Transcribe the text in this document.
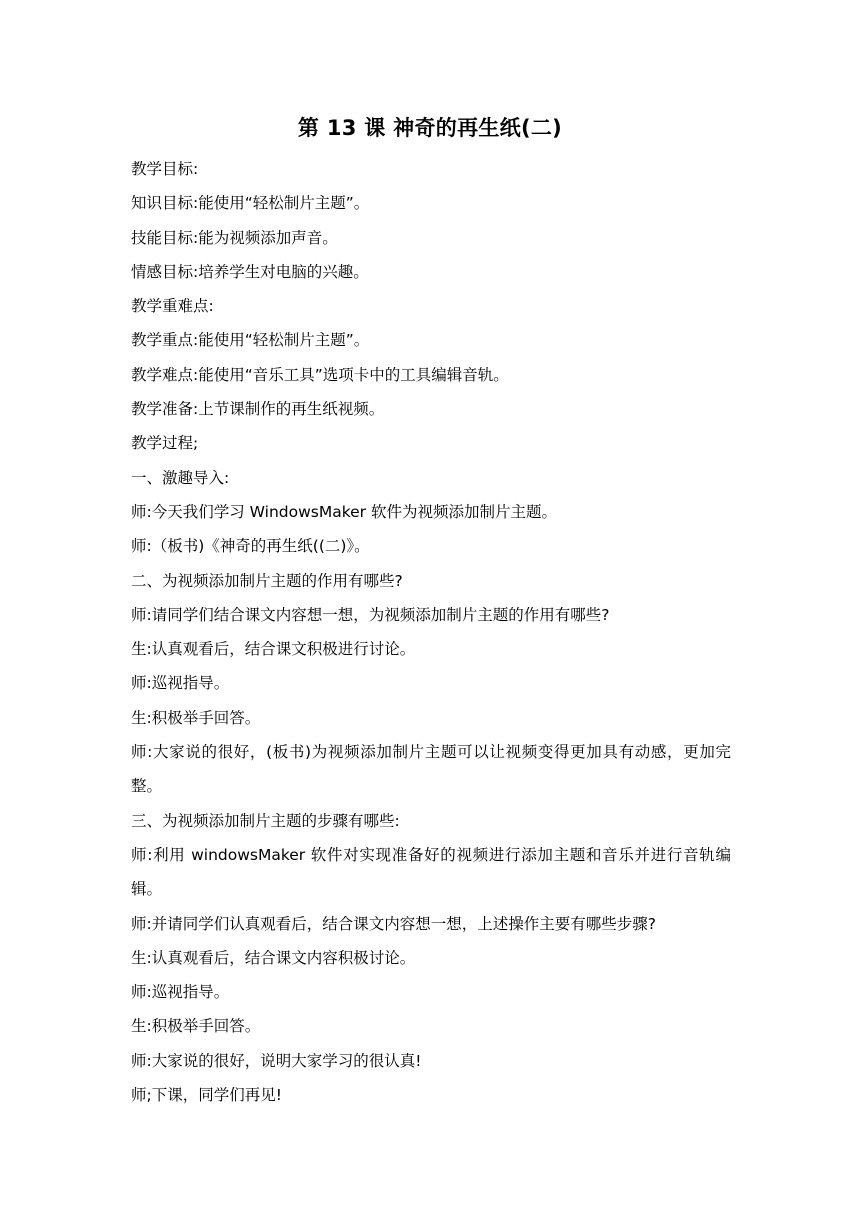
第 13 课 神奇的再生纸(二)

教学目标:

知识目标:能使用“轻松制片主题”。

技能目标:能为视频添加声音。

情感目标:培养学生对电脑的兴趣。

教学重难点:

教学重点:能使用“轻松制片主题”。

教学难点:能使用“音乐工具”选项卡中的工具编辑音轨。

教学准备:上节课制作的再生纸视频。

教学过程;

一、激趣导入:

师:今天我们学习 WindowsMaker 软件为视频添加制片主题。

师:（板书)《神奇的再生纸((二)》。

二、为视频添加制片主题的作用有哪些?

师:请同学们结合课文内容想一想，为视频添加制片主题的作用有哪些?

生:认真观看后，结合课文积极进行讨论。

师:巡视指导。

生:积极举手回答。

师:大家说的很好，(板书)为视频添加制片主题可以让视频变得更加具有动感，更加完整。

三、为视频添加制片主题的步骤有哪些:

师:利用 windowsMaker 软件对实现准备好的视频进行添加主题和音乐并进行音轨编辑。

师:并请同学们认真观看后，结合课文内容想一想，上述操作主要有哪些步骤?

生:认真观看后，结合课文内容积极讨论。

师:巡视指导。

生:积极举手回答。

师:大家说的很好，说明大家学习的很认真!

师;下课，同学们再见!
